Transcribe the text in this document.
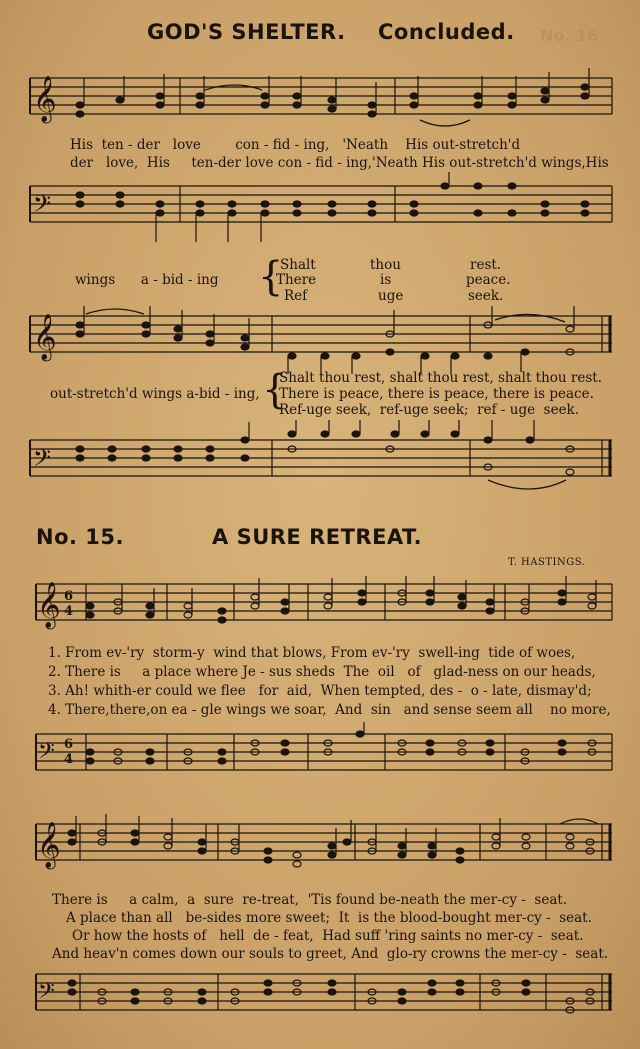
No. 16
GOD'S SHELTER. Concluded.
𝄞
His  ten - der   love        con - fid - ing,   'Neath    His out-stretch'd
der   love,  His     ten-der love con - fid - ing,'Neath His out-stretch'd wings,His
𝄢
wings      a - bid - ing {
Shalt
There
Ref
thou
is
uge
rest.
peace.
seek.
𝄞
out-stretch'd wings a-bid - ing, {
Shalt thou rest, shalt thou rest, shalt thou rest.
There is peace, there is peace, there is peace.
Ref-uge seek,  ref-uge seek;  ref - uge  seek.
𝄢
No. 15.	A SURE RETREAT.
T. HASTINGS.
𝄞 6
4
1. From ev-'ry  storm-y  wind that blows, From ev-'ry  swell-ing  tide of woes,
2. There is     a place where Je - sus sheds  The  oil   of   glad-ness on our heads,
3. Ah! whith-er could we flee   for  aid,  When tempted, des -  o - late, dismay'd;
4. There,there,on ea - gle wings we soar,  And  sin   and sense seem all    no more,
𝄢 6
4
𝄞
There is     a calm,  a  sure  re-treat,  'Tis found be-neath the mer-cy -  seat.
A place than all   be-sides more sweet;  It  is the blood-bought mer-cy -  seat.
Or how the hosts of   hell  de - feat,  Had suff 'ring saints no mer-cy -  seat.
And heav'n comes down our souls to greet, And  glo-ry crowns the mer-cy -  seat.
𝄢
